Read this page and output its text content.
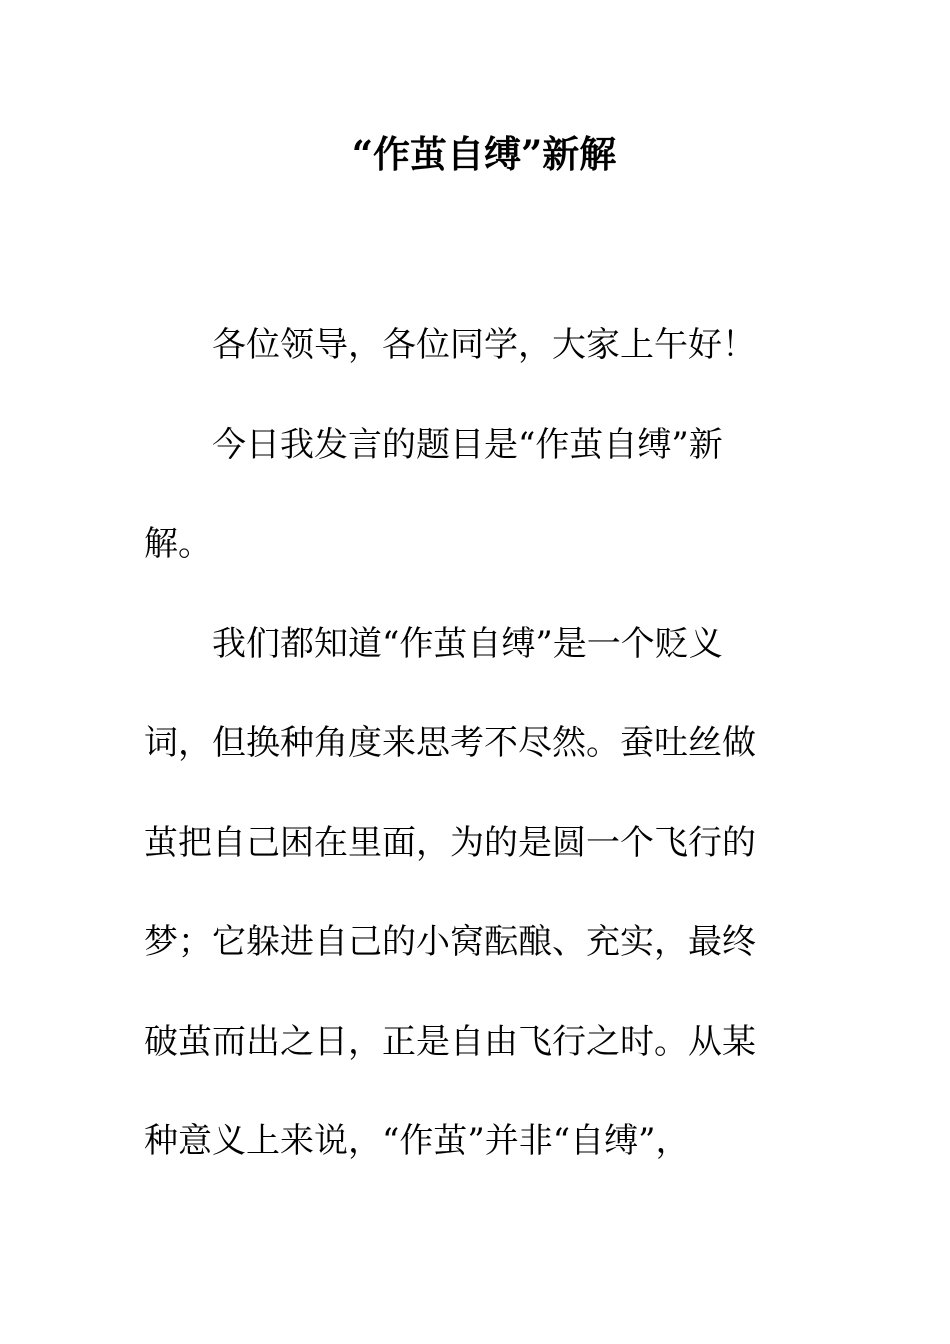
“作茧自缚”新解

各位领导，各位同学，大家上午好！

今日我发言的题目是“作茧自缚”新解。

我们都知道“作茧自缚”是一个贬义词，但换种角度来思考不尽然。蚕吐丝做茧把自己困在里面，为的是圆一个飞行的梦；它躲进自己的小窝酝酿、充实，最终破茧而出之日，正是自由飞行之时。从某种意义上来说，“作茧”并非“自缚”，
